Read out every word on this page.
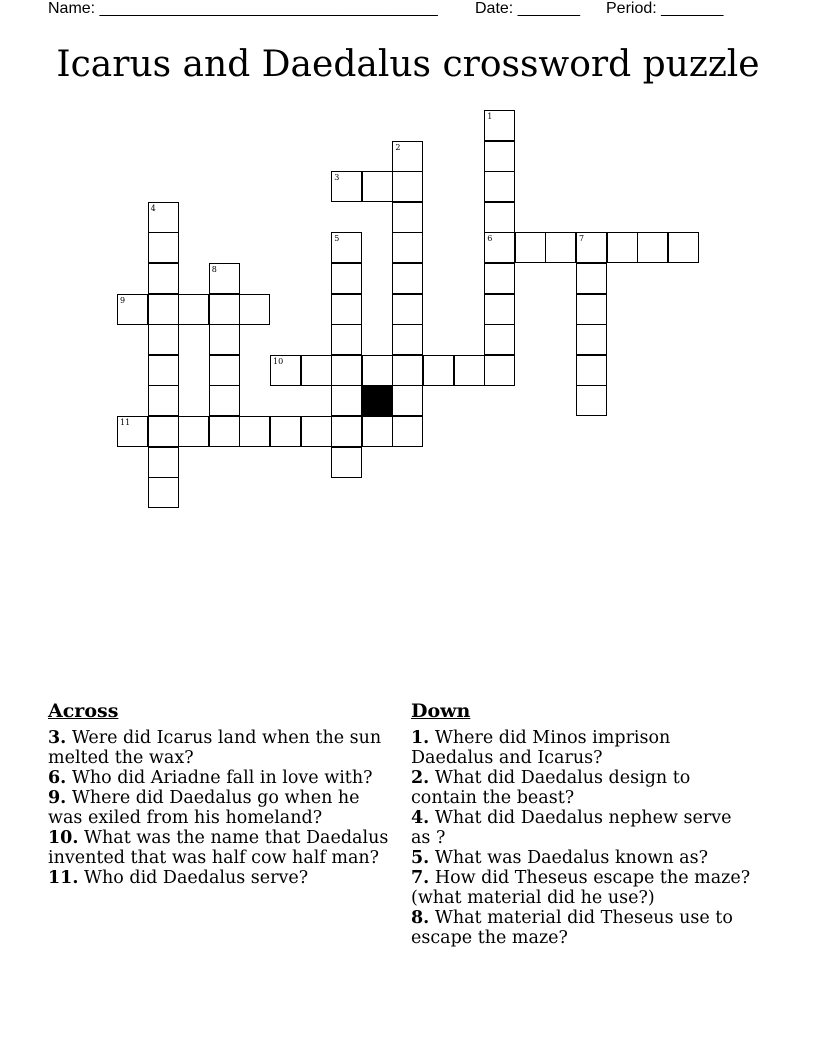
Name: ______________________________________ Date: _______ Period: _______
Icarus and Daedalus crossword puzzle
1
6
2
3
4
5	7
8
9
10
11
Across

3. Were did Icarus land when the sun melted the wax?

6. Who did Ariadne fall in love with?

9. Where did Daedalus go when he was exiled from his homeland?

10. What was the name that Daedalus invented that was half cow half man?

11. Who did Daedalus serve?

Down

1. Where did Minos imprison Daedalus and Icarus?

2. What did Daedalus design to contain the beast?

4. What did Daedalus nephew serve as ?

5. What was Daedalus known as?

7. How did Theseus escape the maze? (what material did he use?)

8. What material did Theseus use to escape the maze?
